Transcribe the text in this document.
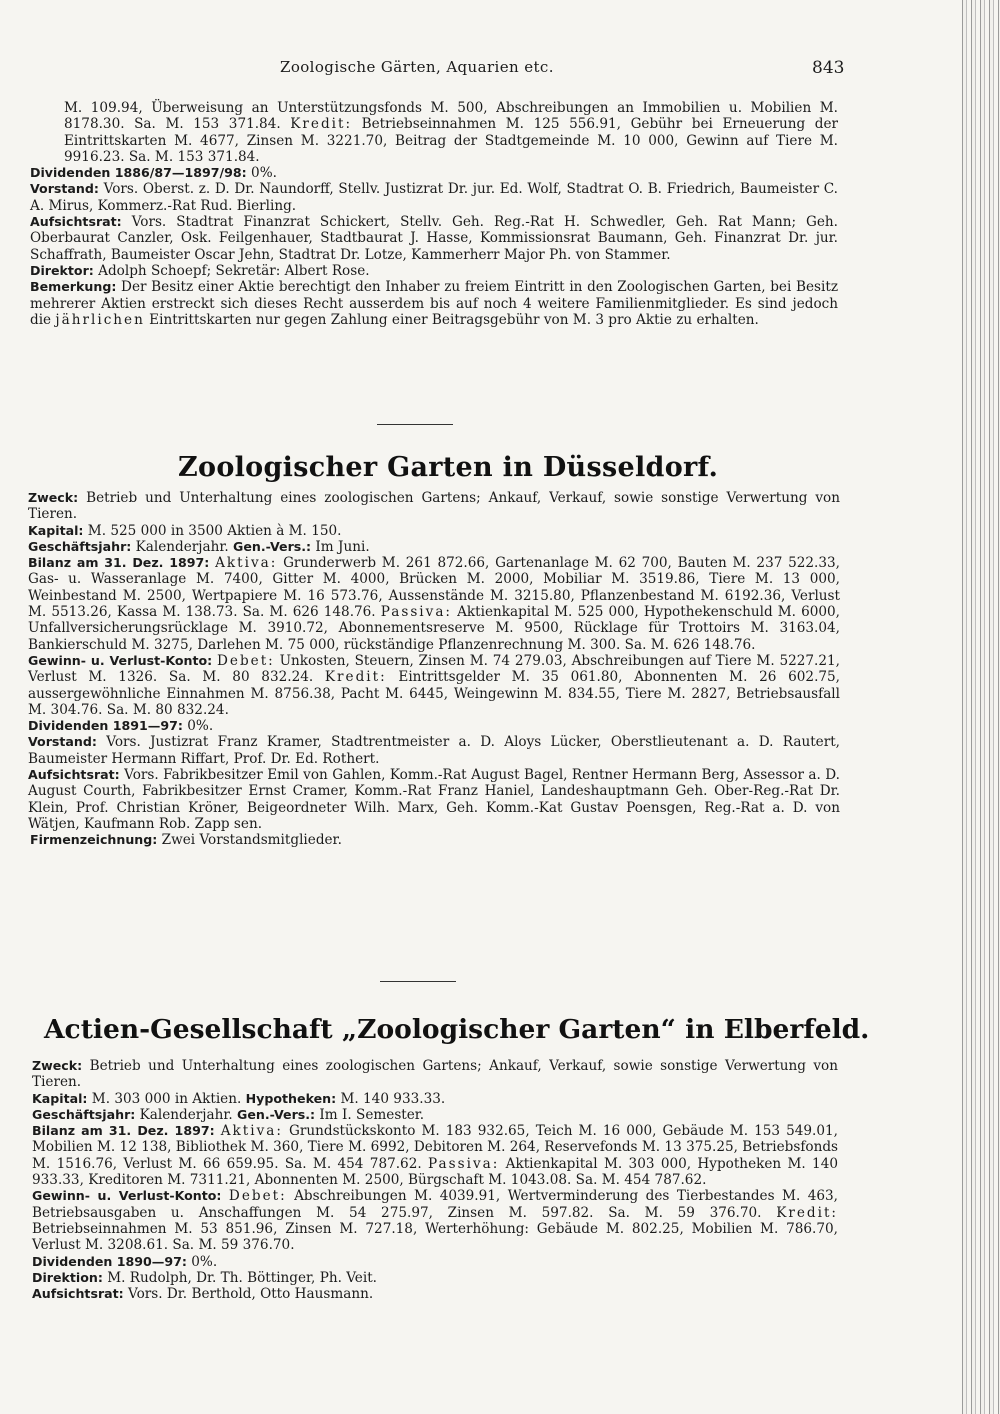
Zoologische Gärten, Aquarien etc.	843

M. 109.94, Überweisung an Unterstützungsfonds M. 500, Abschreibungen an Immobilien u. Mobilien M. 8178.30. Sa. M. 153 371.84. Kredit: Betriebseinnahmen M. 125 556.91, Gebühr bei Erneuerung der Eintrittskarten M. 4677, Zinsen M. 3221.70, Beitrag der Stadtgemeinde M. 10 000, Gewinn auf Tiere M. 9916.23. Sa. M. 153 371.84.

Dividenden 1886/87—1897/98: 0%.

Vorstand: Vors. Oberst. z. D. Dr. Naundorff, Stellv. Justizrat Dr. jur. Ed. Wolf, Stadtrat O. B. Friedrich, Baumeister C. A. Mirus, Kommerz.-Rat Rud. Bierling.

Aufsichtsrat: Vors. Stadtrat Finanzrat Schickert, Stellv. Geh. Reg.-Rat H. Schwedler, Geh. Rat Mann; Geh. Oberbaurat Canzler, Osk. Feilgenhauer, Stadtbaurat J. Hasse, Kommissionsrat Baumann, Geh. Finanzrat Dr. jur. Schaffrath, Baumeister Oscar Jehn, Stadtrat Dr. Lotze, Kammerherr Major Ph. von Stammer.

Direktor: Adolph Schoepf; Sekretär: Albert Rose.

Bemerkung: Der Besitz einer Aktie berechtigt den Inhaber zu freiem Eintritt in den Zoologischen Garten, bei Besitz mehrerer Aktien erstreckt sich dieses Recht ausserdem bis auf noch 4 weitere Familienmitglieder. Es sind jedoch die jährlichen Eintrittskarten nur gegen Zahlung einer Beitragsgebühr von M. 3 pro Aktie zu erhalten.

Zoologischer Garten in Düsseldorf.

Zweck: Betrieb und Unterhaltung eines zoologischen Gartens; Ankauf, Verkauf, sowie sonstige Verwertung von Tieren.

Kapital: M. 525 000 in 3500 Aktien à M. 150.

Geschäftsjahr: Kalenderjahr. Gen.-Vers.: Im Juni.

Bilanz am 31. Dez. 1897: Aktiva: Grunderwerb M. 261 872.66, Gartenanlage M. 62 700, Bauten M. 237 522.33, Gas- u. Wasseranlage M. 7400, Gitter M. 4000, Brücken M. 2000, Mobiliar M. 3519.86, Tiere M. 13 000, Weinbestand M. 2500, Wertpapiere M. 16 573.76, Aussenstände M. 3215.80, Pflanzenbestand M. 6192.36, Verlust M. 5513.26, Kassa M. 138.73. Sa. M. 626 148.76. Passiva: Aktienkapital M. 525 000, Hypothekenschuld M. 6000, Unfallversicherungsrücklage M. 3910.72, Abonnementsreserve M. 9500, Rücklage für Trottoirs M. 3163.04, Bankierschuld M. 3275, Darlehen M. 75 000, rückständige Pflanzenrechnung M. 300. Sa. M. 626 148.76.

Gewinn- u. Verlust-Konto: Debet: Unkosten, Steuern, Zinsen M. 74 279.03, Abschreibungen auf Tiere M. 5227.21, Verlust M. 1326. Sa. M. 80 832.24. Kredit: Eintrittsgelder M. 35 061.80, Abonnenten M. 26 602.75, aussergewöhnliche Einnahmen M. 8756.38, Pacht M. 6445, Weingewinn M. 834.55, Tiere M. 2827, Betriebsausfall M. 304.76. Sa. M. 80 832.24.

Dividenden 1891—97: 0%.

Vorstand: Vors. Justizrat Franz Kramer, Stadtrentmeister a. D. Aloys Lücker, Oberstlieutenant a. D. Rautert, Baumeister Hermann Riffart, Prof. Dr. Ed. Rothert.

Aufsichtsrat: Vors. Fabrikbesitzer Emil von Gahlen, Komm.-Rat August Bagel, Rentner Hermann Berg, Assessor a. D. August Courth, Fabrikbesitzer Ernst Cramer, Komm.-Rat Franz Haniel, Landeshauptmann Geh. Ober-Reg.-Rat Dr. Klein, Prof. Christian Kröner, Beigeordneter Wilh. Marx, Geh. Komm.-Kat Gustav Poensgen, Reg.-Rat a. D. von Wätjen, Kaufmann Rob. Zapp sen.

Firmenzeichnung: Zwei Vorstandsmitglieder.

Actien-Gesellschaft „Zoologischer Garten“ in Elberfeld.

Zweck: Betrieb und Unterhaltung eines zoologischen Gartens; Ankauf, Verkauf, sowie sonstige Verwertung von Tieren.

Kapital: M. 303 000 in Aktien. Hypotheken: M. 140 933.33.

Geschäftsjahr: Kalenderjahr. Gen.-Vers.: Im I. Semester.

Bilanz am 31. Dez. 1897: Aktiva: Grundstückskonto M. 183 932.65, Teich M. 16 000, Gebäude M. 153 549.01, Mobilien M. 12 138, Bibliothek M. 360, Tiere M. 6992, Debitoren M. 264, Reservefonds M. 13 375.25, Betriebsfonds M. 1516.76, Verlust M. 66 659.95. Sa. M. 454 787.62. Passiva: Aktienkapital M. 303 000, Hypotheken M. 140 933.33, Kreditoren M. 7311.21, Abonnenten M. 2500, Bürgschaft M. 1043.08. Sa. M. 454 787.62.

Gewinn- u. Verlust-Konto: Debet: Abschreibungen M. 4039.91, Wertverminderung des Tierbestandes M. 463, Betriebsausgaben u. Anschaffungen M. 54 275.97, Zinsen M. 597.82. Sa. M. 59 376.70. Kredit: Betriebseinnahmen M. 53 851.96, Zinsen M. 727.18, Werterhöhung: Gebäude M. 802.25, Mobilien M. 786.70, Verlust M. 3208.61. Sa. M. 59 376.70.

Dividenden 1890—97: 0%.

Direktion: M. Rudolph, Dr. Th. Böttinger, Ph. Veit.

Aufsichtsrat: Vors. Dr. Berthold, Otto Hausmann.
